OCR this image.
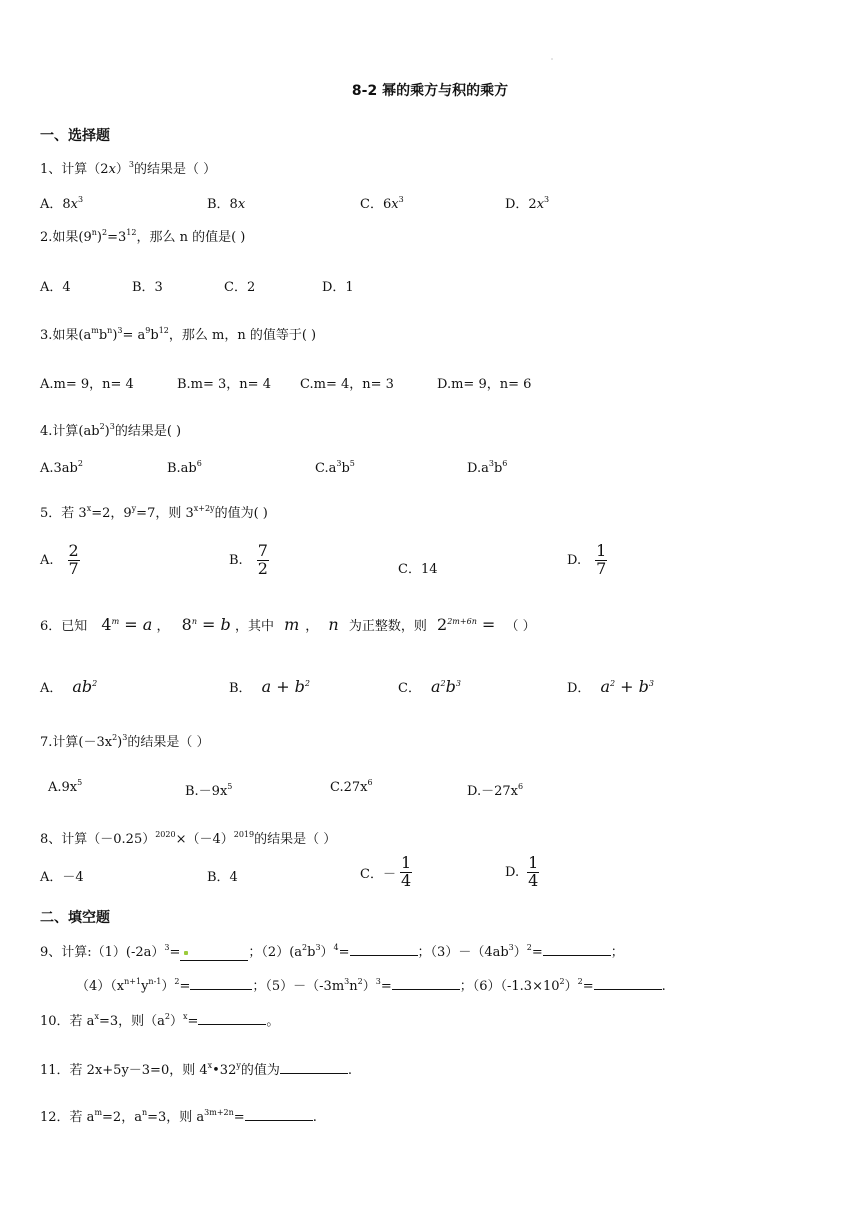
˙
8-2 幂的乘方与积的乘方
一、选择题
1、计算$(2x)^3$的结果是（ ）
A．$8x^3$	B．8x	C．$6x^3$	D．$2x^3$
2.如果$(9^n)^2=3^{12}$，那么 n 的值是( )
A．4	B．3	C．2	D．1
3.如果$(a^mb^n)^3= a^9b^{12}$，那么 m，n 的值等于( )
A.m= 9，n= 4	B.m= 3，n= 4 C.m= 4，n= 3	D.m= 9，n= 6
4.计算$(ab^2)^3$的结果是( )
$A.3ab^2$	$B.ab^6$	$C.a^3b^5$	$D.a^3b^6$
5．若 $3^x=2$，$9^y=7$，则 $3^{x+2y}$的值为( )
A. $\frac{2}{7}$	B. $\frac{7}{2}$	C．14
D. $\frac{1}{7}$
6．已知 $4^m = a$ ， $8^n = b$ ，其中 m ， n 为正整数，则 $2^{2m+6n}$ = （ ）
A． $ab^2$	B． $a + b^2$	C． $a^2b^3$	D． $a^2 + b^3$
7.计算$(-3x^2)^3$的结果是（ ）
$A.9x^5$
$B.-9x^5$	$C.27x^6$
$D.-27x^6$
8、计算$(-0.25)^{2020}\times(-4)^{2019}$的结果是（ ）
A．－4	B．4	C．－ $\frac{1}{4}$	D. $\frac{1}{4}$
二、填空题
9、计算:（1）(-2a）$^3$=	；$(2)(a^2b^3)^4=$	；$(3)-(4ab^3)^2=$	；
$(4)(x^{n+1}y^{n-1})^2=$	；$(5)-(-3m^3n^2)^3=$	；$(6)(-1.3\times 10^2)^2=$	.
10．若 $a^x=3$，则$(a^2)^x=$	。
11．若 2x+5y－3=0，则 4$^x$•32$^y$的值为	.
12．若 $a^m=2$，$a^n=3$，则 $a^{3m+2n}=$	.
